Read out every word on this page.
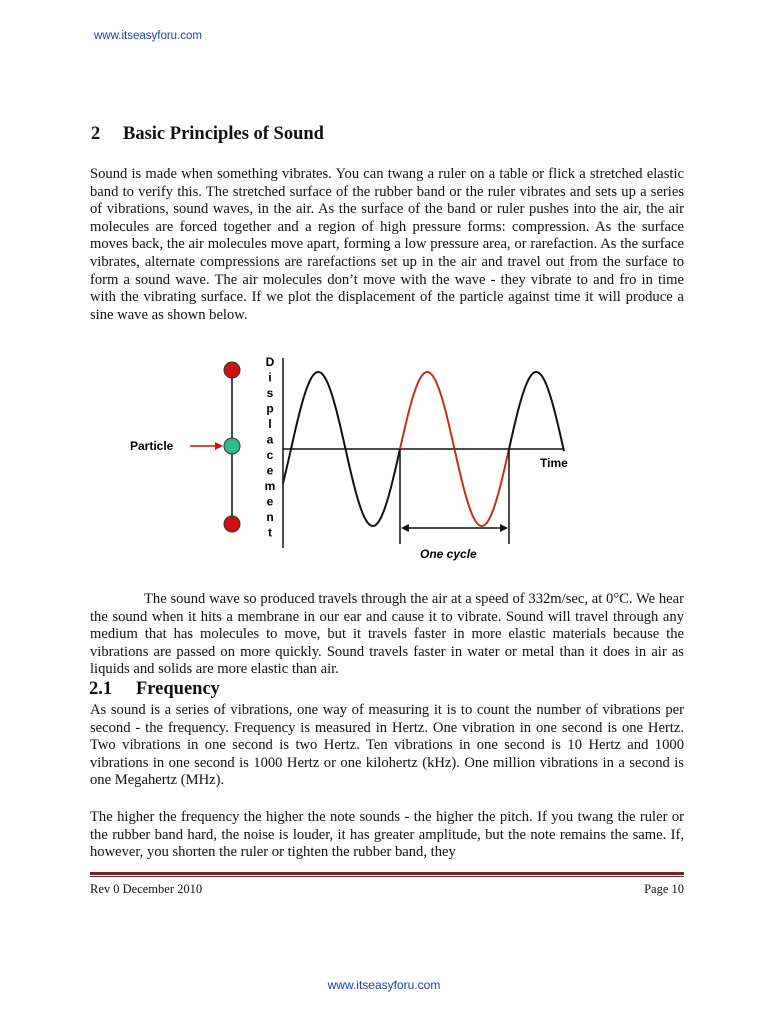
www.itseasyforu.com
2 Basic Principles of Sound
Sound is made when something vibrates. You can twang a ruler on a table or flick a stretched elastic band to verify this. The stretched surface of the rubber band or the ruler vibrates and sets up a series of vibrations, sound waves, in the air. As the surface of the band or ruler pushes into the air, the air molecules are forced together and a region of high pressure forms: compression. As the surface moves back, the air molecules move apart, forming a low pressure area, or rarefaction. As the surface vibrates, alternate compressions are rarefactions set up in the air and travel out from the surface to form a sound wave. The air molecules don’t move with the wave - they vibrate to and fro in time with the vibrating surface. If we plot the displacement of the particle against time it will produce a sine wave as shown below.
Particle
D
i
s
p
l
a
c
e
m
e
n
t
Time
One cycle
The sound wave so produced travels through the air at a speed of 332m/sec, at 0°C. We hear the sound when it hits a membrane in our ear and cause it to vibrate. Sound will travel through any medium that has molecules to move, but it travels faster in more elastic materials because the vibrations are passed on more quickly. Sound travels faster in water or metal than it does in air as liquids and solids are more elastic than air.
2.1 Frequency
As sound is a series of vibrations, one way of measuring it is to count the number of vibrations per second - the frequency. Frequency is measured in Hertz. One vibration in one second is one Hertz. Two vibrations in one second is two Hertz. Ten vibrations in one second is 10 Hertz and 1000 vibrations in one second is 1000 Hertz or one kilohertz (kHz). One million vibrations in a second is one Megahertz (MHz).
The higher the frequency the higher the note sounds - the higher the pitch. If you twang the ruler or the rubber band hard, the noise is louder, it has greater amplitude, but the note remains the same. If, however, you shorten the ruler or tighten the rubber band, they
Rev 0 December 2010	Page 10
www.itseasyforu.com
